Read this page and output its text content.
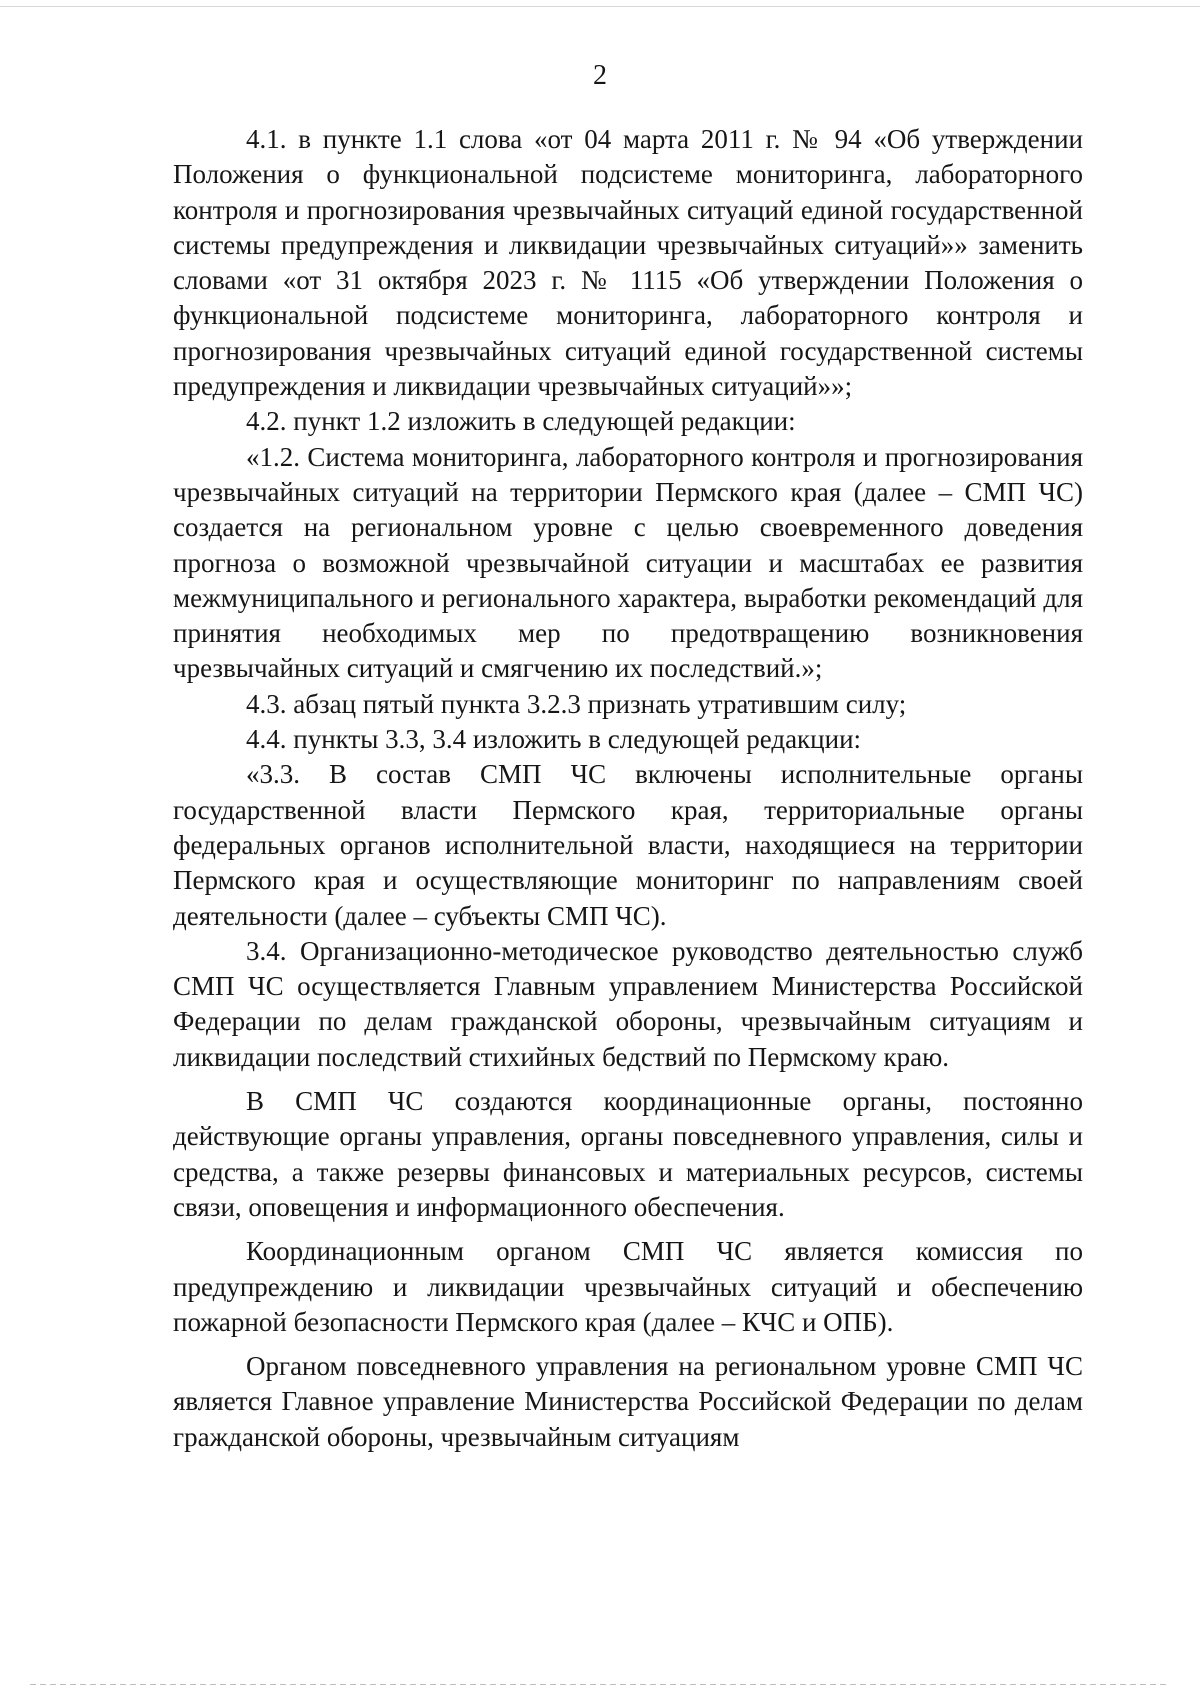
2

4.1. в пункте 1.1 слова «от 04 марта 2011 г. № 94 «Об утверждении Положения о функциональной подсистеме мониторинга, лабораторного контроля и прогнозирования чрезвычайных ситуаций единой государственной системы предупреждения и ликвидации чрезвычайных ситуаций»» заменить словами «от 31 октября 2023 г. № 1115 «Об утверждении Положения о функциональной подсистеме мониторинга, лабораторного контроля и прогнозирования чрезвычайных ситуаций единой государственной системы предупреждения и ликвидации чрезвычайных ситуаций»»;

4.2. пункт 1.2 изложить в следующей редакции:

«1.2. Система мониторинга, лабораторного контроля и прогнозирования чрезвычайных ситуаций на территории Пермского края (далее – СМП ЧС) создается на региональном уровне с целью своевременного доведения прогноза о возможной чрезвычайной ситуации и масштабах ее развития межмуниципального и регионального характера, выработки рекомендаций для принятия необходимых мер по предотвращению возникновения чрезвычайных ситуаций и смягчению их последствий.»;

4.3. абзац пятый пункта 3.2.3 признать утратившим силу;

4.4. пункты 3.3, 3.4 изложить в следующей редакции:

«3.3. В состав СМП ЧС включены исполнительные органы государственной власти Пермского края, территориальные органы федеральных органов исполнительной власти, находящиеся на территории Пермского края и осуществляющие мониторинг по направлениям своей деятельности (далее – субъекты СМП ЧС).

3.4. Организационно-методическое руководство деятельностью служб СМП ЧС осуществляется Главным управлением Министерства Российской Федерации по делам гражданской обороны, чрезвычайным ситуациям и ликвидации последствий стихийных бедствий по Пермскому краю.

В СМП ЧС создаются координационные органы, постоянно действующие органы управления, органы повседневного управления, силы и средства, а также резервы финансовых и материальных ресурсов, системы связи, оповещения и информационного обеспечения.

Координационным органом СМП ЧС является комиссия по предупреждению и ликвидации чрезвычайных ситуаций и обеспечению пожарной безопасности Пермского края (далее – КЧС и ОПБ).

Органом повседневного управления на региональном уровне СМП ЧС является Главное управление Министерства Российской Федерации по делам гражданской обороны, чрезвычайным ситуациям
